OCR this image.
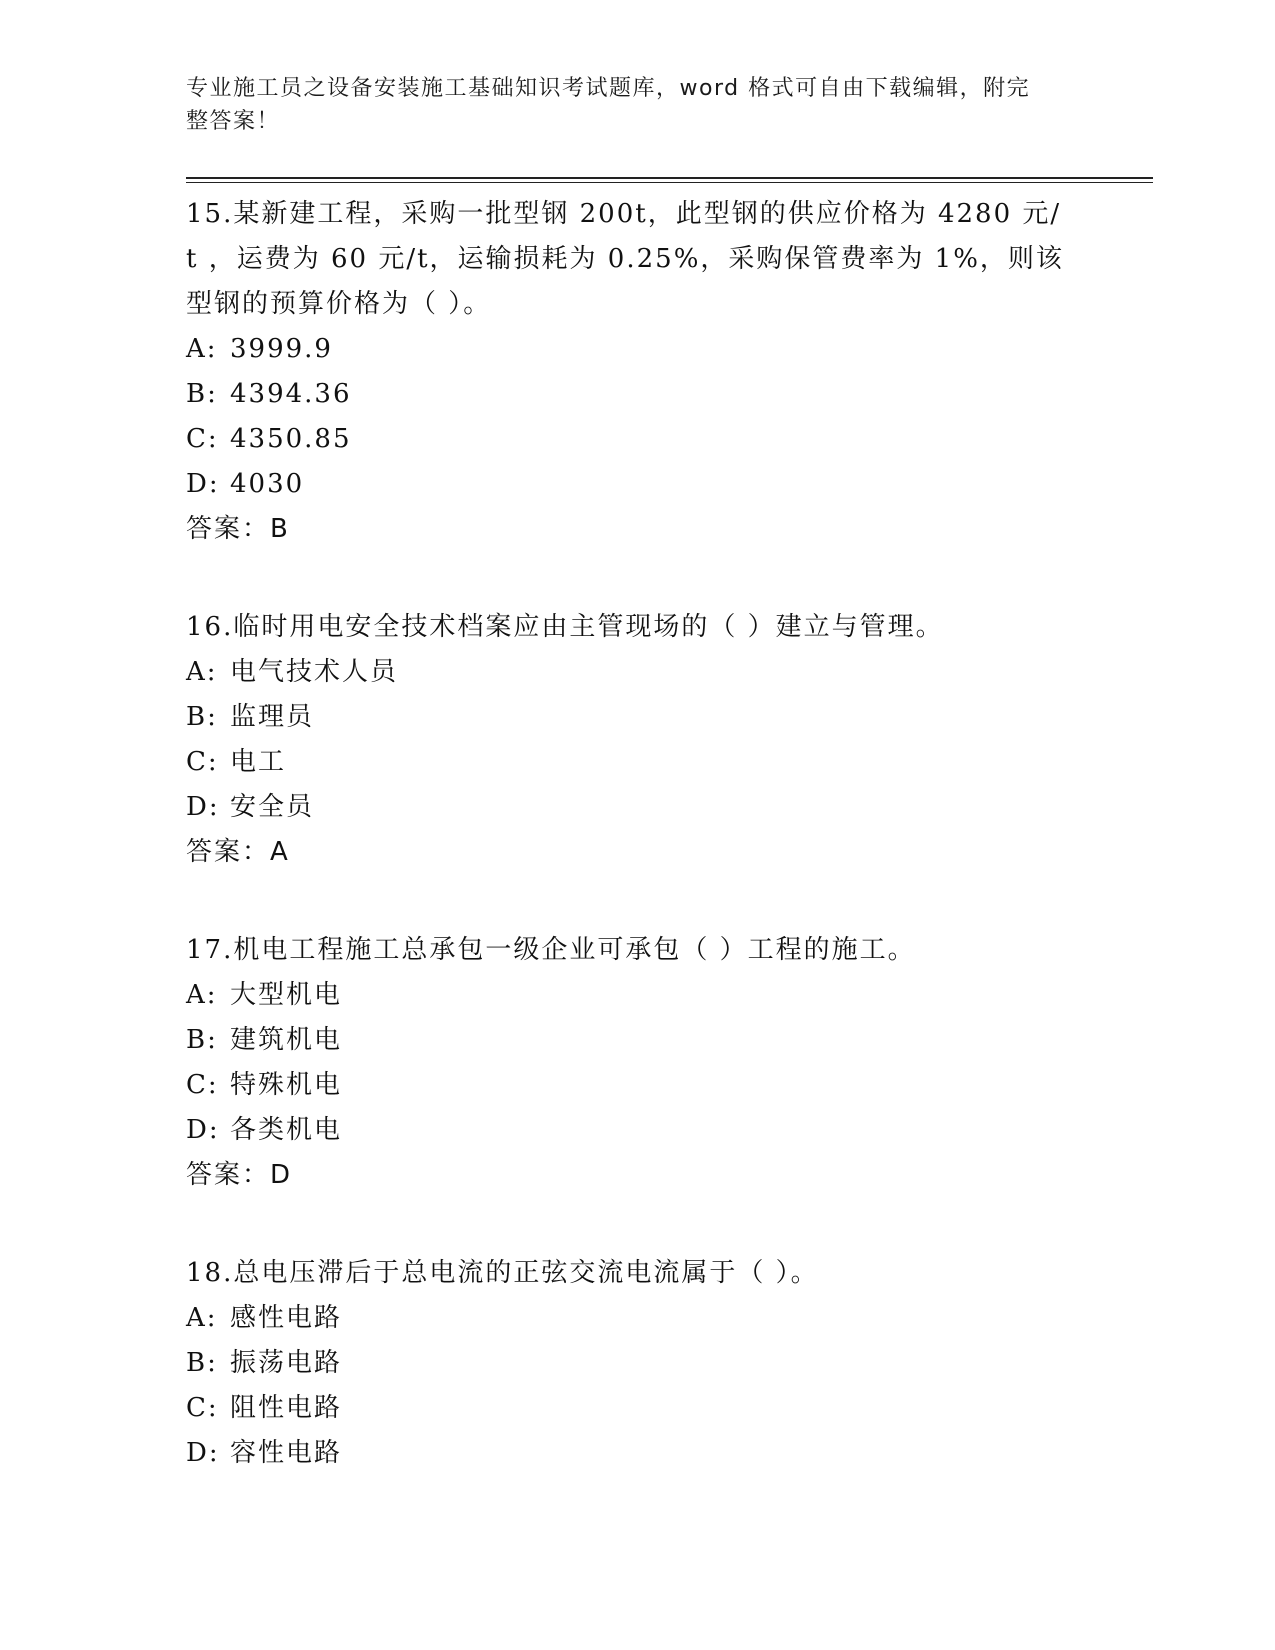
专业施工员之设备安装施工基础知识考试题库，word 格式可自由下载编辑，附完
整答案！

15.某新建工程，采购一批型钢 200t，此型钢的供应价格为 4280 元/t ，运费为 60 元/t，运输损耗为 0.25%，采购保管费率为 1%，则该型钢的预算价格为（ ）。

A: 3999.9

B: 4394.36

C: 4350.85

D: 4030

答案：B

16.临时用电安全技术档案应由主管现场的（ ）建立与管理。

A: 电气技术人员

B: 监理员

C: 电工

D: 安全员

答案：A

17.机电工程施工总承包一级企业可承包（ ）工程的施工。

A: 大型机电

B: 建筑机电

C: 特殊机电

D: 各类机电

答案：D

18.总电压滞后于总电流的正弦交流电流属于（ ）。

A: 感性电路

B: 振荡电路

C: 阻性电路

D: 容性电路
